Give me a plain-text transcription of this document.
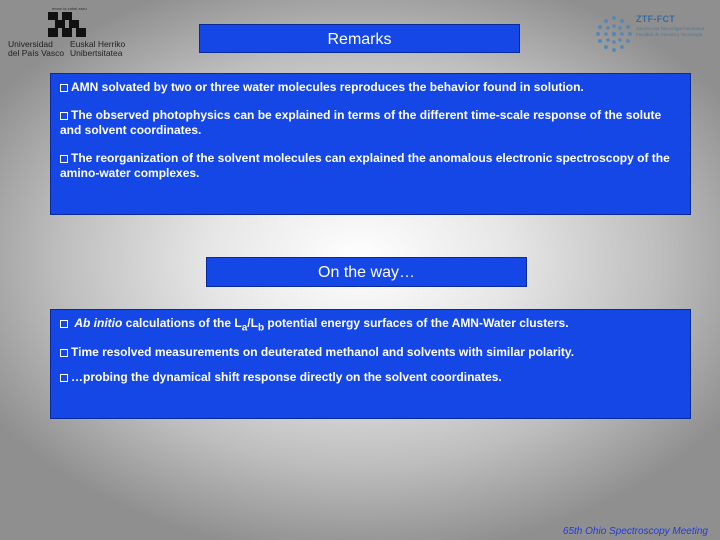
eman ta zabal zazu
Universidad
del País Vasco
Euskal Herriko
Unibertsitatea
ZTF-FCT
Zientzia eta Teknologia Fakultatea
Facultad de Ciencia y Tecnología
Remarks

AMN solvated by two or three water molecules reproduces the behavior found in solution.

The observed photophysics can be explained in terms of the different time-scale response of the solute and solvent coordinates.

The reorganization of the solvent molecules can explained the anomalous electronic spectroscopy of the amino-water complexes.

On the way…

Ab initio calculations of the $L_a/L_b$ potential energy surfaces of the AMN-Water clusters.

Time resolved measurements on deuterated methanol and solvents with similar polarity.

…probing the dynamical shift response directly on the solvent coordinates.

65th Ohio Spectroscopy Meeting
